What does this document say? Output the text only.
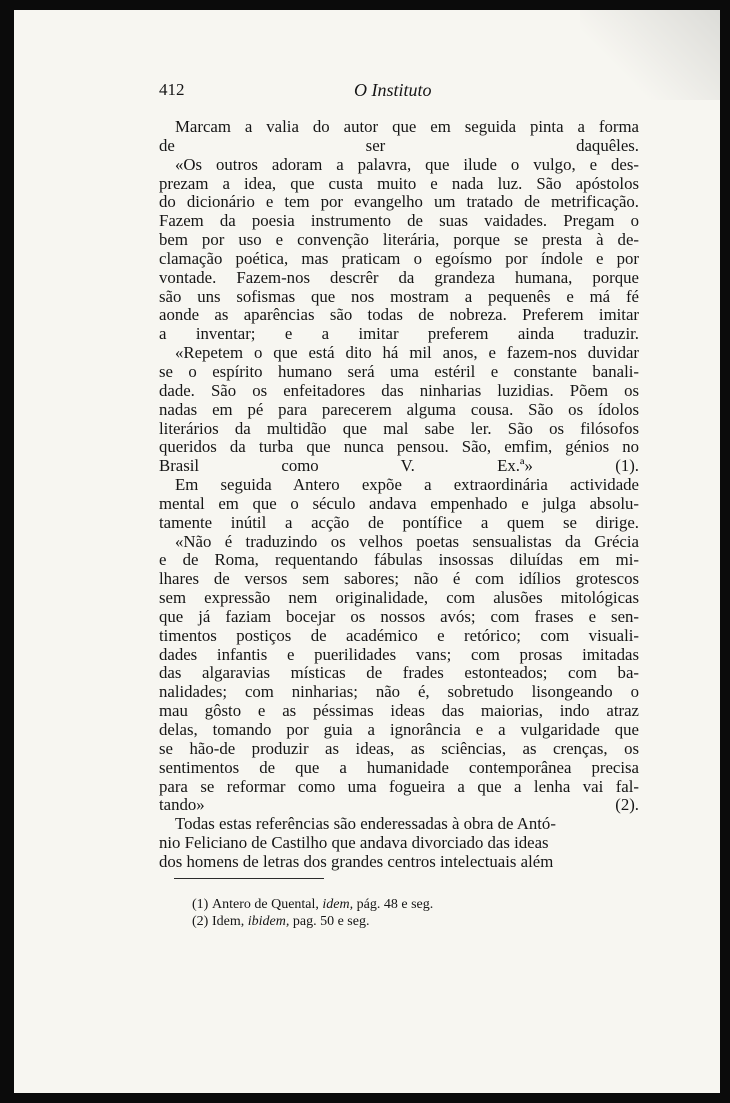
412	O Instituto

Marcam a valia do autor que em seguida pinta a forma
de ser daquêles.

«Os outros adoram a palavra, que ilude o vulgo, e des-
prezam a idea, que custa muito e nada luz. São apóstolos
do dicionário e tem por evangelho um tratado de metrificação.
Fazem da poesia instrumento de suas vaidades. Pregam o
bem por uso e convenção literária, porque se presta à de-
clamação poética, mas praticam o egoísmo por índole e por
vontade. Fazem-nos descrêr da grandeza humana, porque
são uns sofismas que nos mostram a pequenês e má fé
aonde as aparências são todas de nobreza. Preferem imitar
a inventar; e a imitar preferem ainda traduzir.

«Repetem o que está dito há mil anos, e fazem-nos duvidar
se o espírito humano será uma estéril e constante banali-
dade. São os enfeitadores das ninharias luzidias. Põem os
nadas em pé para parecerem alguma cousa. São os ídolos
literários da multidão que mal sabe ler. São os filósofos
queridos da turba que nunca pensou. São, emfim, génios no
Brasil como V. Ex.ª» (1).

Em seguida Antero expõe a extraordinária actividade
mental em que o século andava empenhado e julga absolu-
tamente inútil a acção de pontífice a quem se dirige.

«Não é traduzindo os velhos poetas sensualistas da Grécia
e de Roma, requentando fábulas insossas diluídas em mi-
lhares de versos sem sabores; não é com idílios grotescos
sem expressão nem originalidade, com alusões mitológicas
que já faziam bocejar os nossos avós; com frases e sen-
timentos postiços de académico e retórico; com visuali-
dades infantis e puerilidades vans; com prosas imitadas
das algaravias místicas de frades estonteados; com ba-
nalidades; com ninharias; não é, sobretudo lisongeando o
mau gôsto e as péssimas ideas das maiorias, indo atraz
delas, tomando por guia a ignorância e a vulgaridade que
se hão-de produzir as ideas, as sciências, as crenças, os
sentimentos de que a humanidade contemporânea precisa
para se reformar como uma fogueira a que a lenha vai fal-
tando» (2).

Todas estas referências são enderessadas à obra de Antó-
nio Feliciano de Castilho que andava divorciado das ideas
dos homens de letras dos grandes centros intelectuais além

(1) Antero de Quental, idem, pág. 48 e seg.
(2) Idem, ibidem, pag. 50 e seg.
